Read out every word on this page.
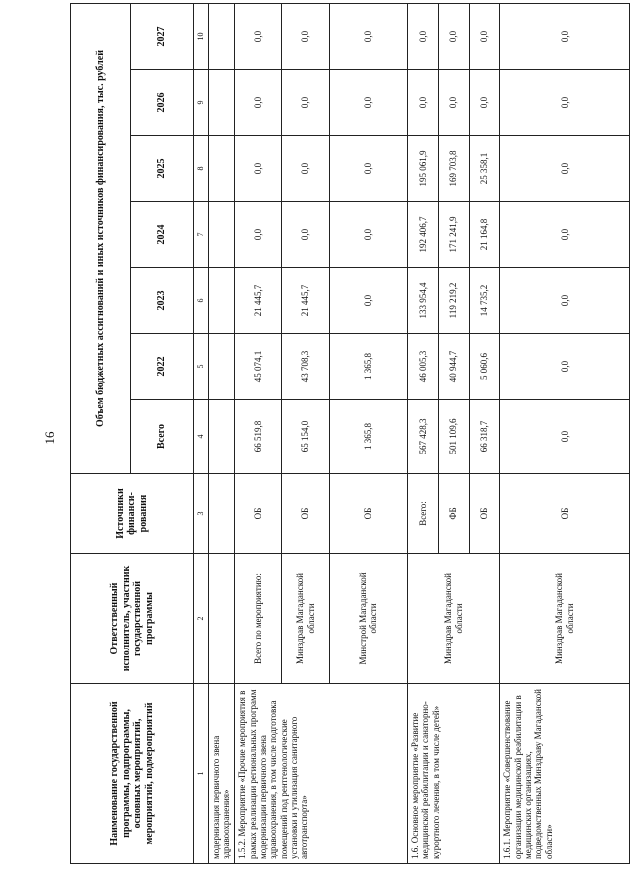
16
Наименование государственной программы, подпрограммы, основных мероприятий, мероприятий, подмероприятий	Ответственный исполнитель, участник государственной программы	Источники финанси-рования	Объем бюджетных ассигнований и иных источников финансирования, тыс. рублей						
			Всего	2022	2023	2024	2025	2026	2027
1	2	3	4	5	6	7	8	9	10
модернизация первичного звена здравоохранения»									
1.5.2. Мероприятие «Прочие мероприятия в рамках реализации региональных программ модернизации первичного звена здравоохранения, в том числе подготовка помещений под рентгенологические установки и утилизация санитарного автотранспорта»	Всего по мероприятию:	ОБ	66 519,8	45 074,1	21 445,7	0,0	0,0	0,0	0,0
	Минздрав Магаданской области	ОБ	65 154,0	43 708,3	21 445,7	0,0	0,0	0,0	0,0
	Минстрой Магаданской области	ОБ	1 365,8	1 365,8	0,0	0,0	0,0	0,0	0,0
1.6. Основное мероприятие «Развитие медицинской реабилитации и санаторно-курортного лечения, в том числе детей»	Минздрав Магаданской области	Всего:	567 428,3	46 005,3	133 954,4	192 406,7	195 061,9	0,0	0,0
		ФБ	501 109,6	40 944,7	119 219,2	171 241,9	169 703,8	0,0	0,0
		ОБ	66 318,7	5 060,6	14 735,2	21 164,8	25 358,1	0,0	0,0
1.6.1. Мероприятие «Совершенствование организации медицинской реабилитации в медицинских организациях, подведомственных Минздраву Магаданской области»	Минздрав Магаданской области	ОБ	0,0	0,0	0,0	0,0	0,0	0,0	0,0
